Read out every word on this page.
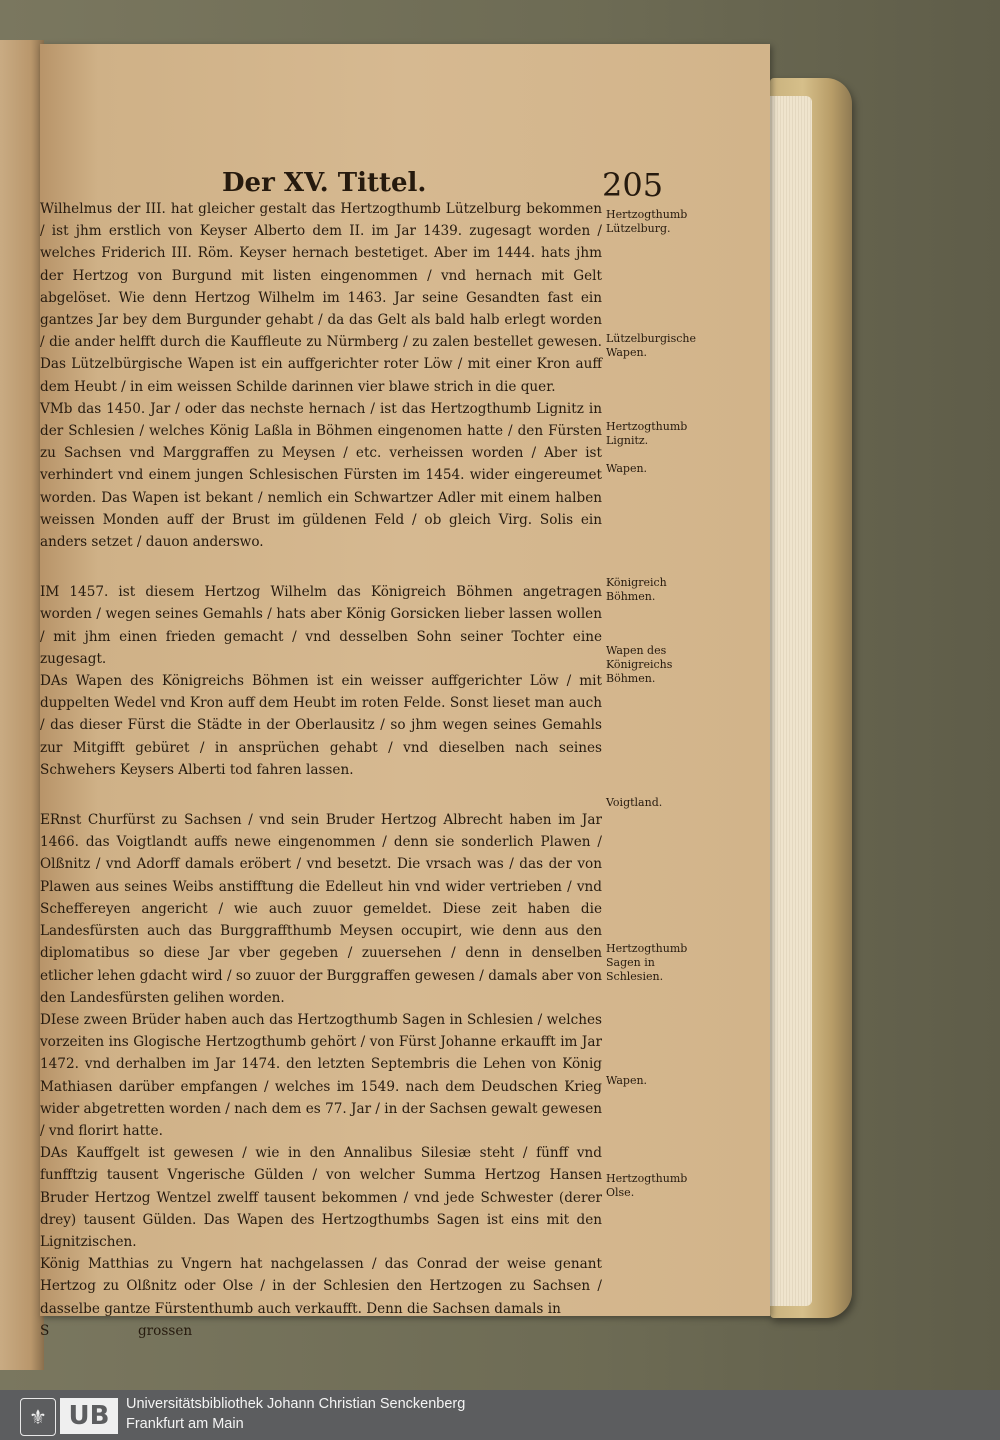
Der XV. Tittel.	205

Wilhelmus der III. hat gleicher gestalt das Hertzogthumb Lützelburg bekommen / ist jhm erstlich von Keyser Alberto dem II. im Jar 1439. zugesagt worden / welches Friderich III. Röm. Keyser hernach bestetiget. Aber im 1444. hats jhm der Hertzog von Burgund mit listen eingenommen / vnd hernach mit Gelt abgelöset. Wie denn Hertzog Wilhelm im 1463. Jar seine Gesandten fast ein gantzes Jar bey dem Burgunder gehabt / da das Gelt als bald halb erlegt worden / die ander helfft durch die Kauffleute zu Nürmberg / zu zalen bestellet gewesen. Das Lützelbürgische Wapen ist ein auffgerichter roter Löw / mit einer Kron auff dem Heubt / in eim weissen Schilde darinnen vier blawe strich in die quer.

VMb das 1450. Jar / oder das nechste hernach / ist das Hertzogthumb Lignitz in der Schlesien / welches König Laßla in Böhmen eingenomen hatte / den Fürsten zu Sachsen vnd Marggraffen zu Meysen / etc. verheissen worden / Aber ist verhindert vnd einem jungen Schlesischen Fürsten im 1454. wider eingereumet worden. Das Wapen ist bekant / nemlich ein Schwartzer Adler mit einem halben weissen Monden auff der Brust im güldenen Feld / ob gleich Virg. Solis ein anders setzet / dauon anderswo.

IM 1457. ist diesem Hertzog Wilhelm das Königreich Böhmen angetragen worden / wegen seines Gemahls / hats aber König Gorsicken lieber lassen wollen / mit jhm einen frieden gemacht / vnd desselben Sohn seiner Tochter eine zugesagt.

DAs Wapen des Königreichs Böhmen ist ein weisser auffgerichter Löw / mit duppelten Wedel vnd Kron auff dem Heubt im roten Felde. Sonst lieset man auch / das dieser Fürst die Städte in der Oberlausitz / so jhm wegen seines Gemahls zur Mitgifft gebüret / in ansprüchen gehabt / vnd dieselben nach seines Schwehers Keysers Alberti tod fahren lassen.

ERnst Churfürst zu Sachsen / vnd sein Bruder Hertzog Albrecht haben im Jar 1466. das Voigtlandt auffs newe eingenommen / denn sie sonderlich Plawen / Olßnitz / vnd Adorff damals eröbert / vnd besetzt. Die vrsach was / das der von Plawen aus seines Weibs anstifftung die Edelleut hin vnd wider vertrieben / vnd Scheffereyen angericht / wie auch zuuor gemeldet. Diese zeit haben die Landesfürsten auch das Burggraffthumb Meysen occupirt, wie denn aus den diplomatibus so diese Jar vber gegeben / zuuersehen / denn in denselben etlicher lehen gdacht wird / so zuuor der Burggraffen gewesen / damals aber von den Landesfürsten gelihen worden.

DIese zween Brüder haben auch das Hertzogthumb Sagen in Schlesien / welches vorzeiten ins Glogische Hertzogthumb gehört / von Fürst Johanne erkaufft im Jar 1472. vnd derhalben im Jar 1474. den letzten Septembris die Lehen von König Mathiasen darüber empfangen / welches im 1549. nach dem Deudschen Krieg wider abgetretten worden / nach dem es 77. Jar / in der Sachsen gewalt gewesen / vnd florirt hatte.

DAs Kauffgelt ist gewesen / wie in den Annalibus Silesiæ steht / fünff vnd funfftzig tausent Vngerische Gülden / von welcher Summa Hertzog Hansen Bruder Hertzog Wentzel zwelff tausent bekommen / vnd jede Schwester (derer drey) tausent Gülden. Das Wapen des Hertzogthumbs Sagen ist eins mit den Lignitzischen.

König Matthias zu Vngern hat nachgelassen / das Conrad der weise genant Hertzog zu Olßnitz oder Olse / in der Schlesien den Hertzogen zu Sachsen / dasselbe gantze Fürstenthumb auch verkaufft. Denn die Sachsen damals in

S	grossen

Hertzogthumb Lützelburg.
Lützelburgische Wapen.
Hertzogthumb Lignitz.
Wapen.
Königreich Böhmen.
Wapen des Königreichs Böhmen.
Voigtland.
Hertzogthumb Sagen in Schlesien.
Wapen.
Hertzogthumb Olse.
⚜ UB	Universitätsbibliothek Johann Christian Senckenberg
Frankfurt am Main
